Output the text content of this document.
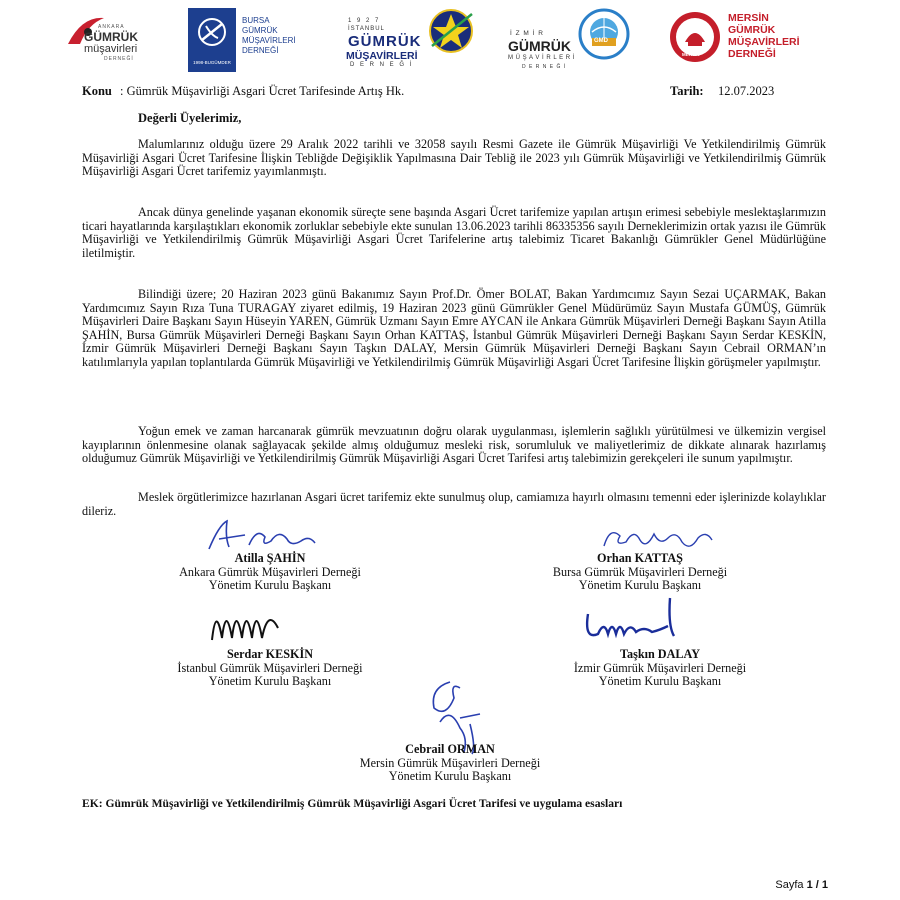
ANKARA
GÜMRÜK
müşavirleri
DERNEĞİ
1998-BUGÜMDER
BURSA
GÜMRÜK
MÜŞAVİRLERİ
DERNEĞİ
1 9 2 7
İSTANBUL
GÜMRÜK
MÜŞAVİRLERİ
D E R N E Ğ İ
İ Z M İ R
GÜMRÜK
M Ü Ş A V İ R L E R İ
D E R N E Ğ İ
GMD
MERSİN
MERSİN
GÜMRÜK
MÜŞAVİRLERİ
DERNEĞİ
Konu : Gümrük Müşavirliği Asgari Ücret Tarifesinde Artış Hk.	Tarih: 12.07.2023
Değerli Üyelerimiz,

Malumlarınız olduğu üzere 29 Aralık 2022 tarihli ve 32058 sayılı Resmi Gazete ile Gümrük Müşavirliği Ve Yetkilendirilmiş Gümrük Müşavirliği Asgari Ücret Tarifesine İlişkin Tebliğde Değişiklik Yapılmasına Dair Tebliğ ile 2023 yılı Gümrük Müşavirliği ve Yetkilendirilmiş Gümrük Müşavirliği Asgari Ücret tarifemiz yayımlanmıştı.

Ancak dünya genelinde yaşanan ekonomik süreçte sene başında Asgari Ücret tarifemize yapılan artışın erimesi sebebiyle meslektaşlarımızın ticari hayatlarında karşılaştıkları ekonomik zorluklar sebebiyle ekte sunulan 13.06.2023 tarihli 86335356 sayılı Derneklerimizin ortak yazısı ile Gümrük Müşavirliği ve Yetkilendirilmiş Gümrük Müşavirliği Asgari Ücret Tarifelerine artış talebimiz Ticaret Bakanlığı Gümrükler Genel Müdürlüğüne iletilmiştir.

Bilindiği üzere; 20 Haziran 2023 günü Bakanımız Sayın Prof.Dr. Ömer BOLAT, Bakan Yardımcımız Sayın Sezai UÇARMAK, Bakan Yardımcımız Sayın Rıza Tuna TURAGAY ziyaret edilmiş, 19 Haziran 2023 günü Gümrükler Genel Müdürümüz Sayın Mustafa GÜMÜŞ, Gümrük Müşavirleri Daire Başkanı Sayın Hüseyin YAREN, Gümrük Uzmanı Sayın Emre AYCAN ile Ankara Gümrük Müşavirleri Derneği Başkanı Sayın Atilla ŞAHİN, Bursa Gümrük Müşavirleri Derneği Başkanı Sayın Orhan KATTAŞ, İstanbul Gümrük Müşavirleri Derneği Başkanı Sayın Serdar KESKİN, İzmir Gümrük Müşavirleri Derneği Başkanı Sayın Taşkın DALAY, Mersin Gümrük Müşavirleri Derneği Başkanı Sayın Cebrail ORMAN’ın katılımlarıyla yapılan toplantılarda Gümrük Müşavirliği ve Yetkilendirilmiş Gümrük Müşavirliği Asgari Ücret Tarifesine İlişkin görüşmeler yapılmıştır.

Yoğun emek ve zaman harcanarak gümrük mevzuatının doğru olarak uygulanması, işlemlerin sağlıklı yürütülmesi ve ülkemizin vergisel kayıplarının önlenmesine olanak sağlayacak şekilde almış olduğumuz mesleki risk, sorumluluk ve maliyetlerimiz de dikkate alınarak hazırlamış olduğumuz Gümrük Müşavirliği ve Yetkilendirilmiş Gümrük Müşavirliği Asgari Ücret Tarifesi artış talebimizin gerekçeleri ile sunum yapılmıştır.

Meslek örgütlerimizce hazırlanan Asgari ücret tarifemiz ekte sunulmuş olup, camiamıza hayırlı olmasını temenni eder işlerinizde kolaylıklar dileriz.

Atilla ŞAHİN
Ankara Gümrük Müşavirleri Derneği
Yönetim Kurulu Başkanı
Orhan KATTAŞ
Bursa Gümrük Müşavirleri Derneği
Yönetim Kurulu Başkanı
Serdar KESKİN
İstanbul Gümrük Müşavirleri Derneği
Yönetim Kurulu Başkanı
Taşkın DALAY
İzmir Gümrük Müşavirleri Derneği
Yönetim Kurulu Başkanı
Cebrail ORMAN
Mersin Gümrük Müşavirleri Derneği
Yönetim Kurulu Başkanı
EK: Gümrük Müşavirliği ve Yetkilendirilmiş Gümrük Müşavirliği Asgari Ücret Tarifesi ve uygulama esasları
Sayfa 1 / 1
